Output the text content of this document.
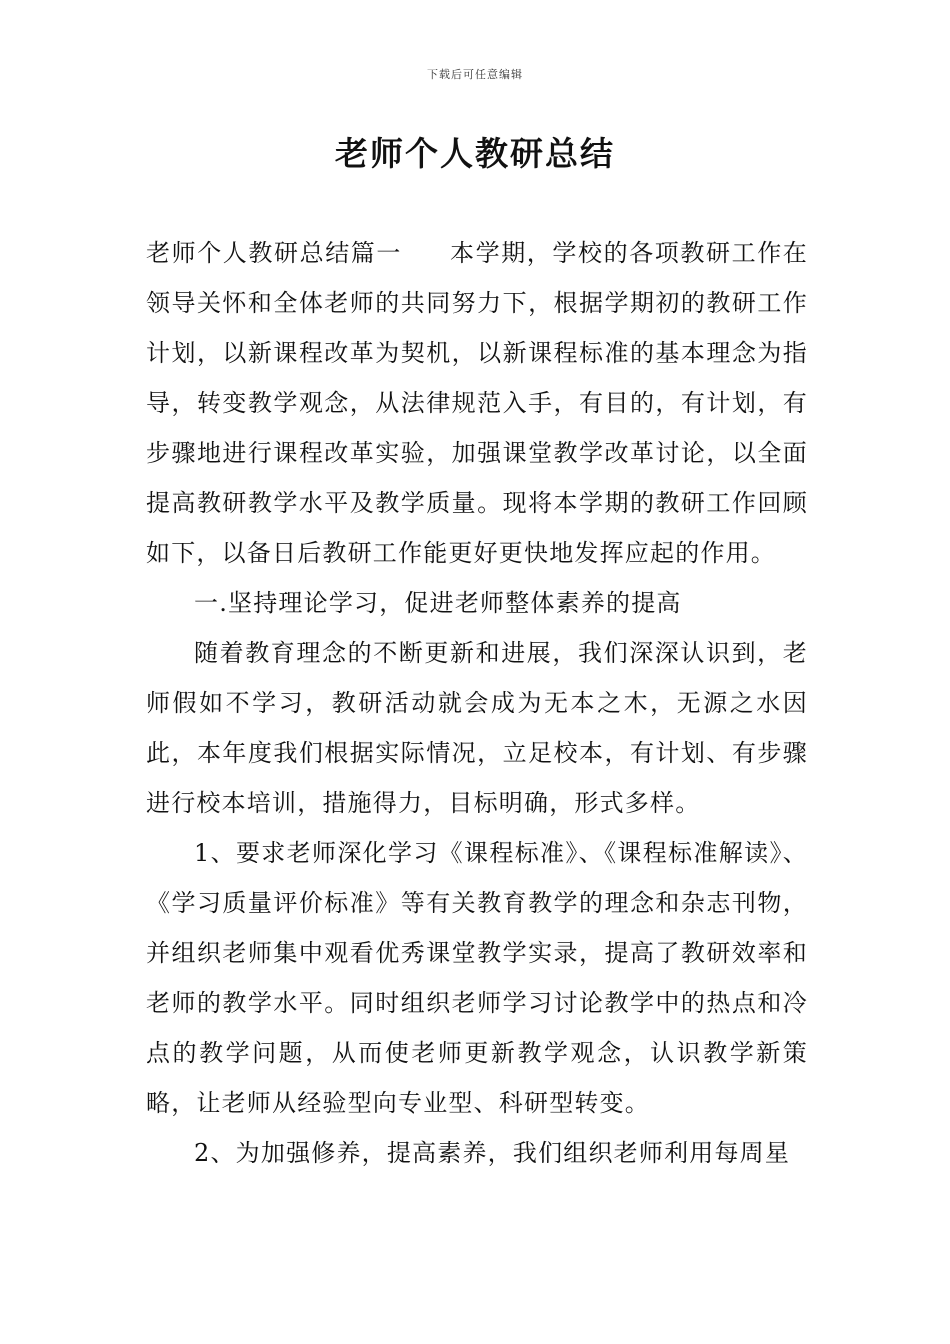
下载后可任意编辑
老师个人教研总结

老师个人教研总结篇一 本学期，学校的各项教研工作在领导关怀和全体老师的共同努力下，根据学期初的教研工作计划，以新课程改革为契机，以新课程标准的基本理念为指导，转变教学观念，从法律规范入手，有目的，有计划，有步骤地进行课程改革实验，加强课堂教学改革讨论，以全面提高教研教学水平及教学质量。现将本学期的教研工作回顾如下，以备日后教研工作能更好更快地发挥应起的作用。

一.坚持理论学习，促进老师整体素养的提高

随着教育理念的不断更新和进展，我们深深认识到，老师假如不学习，教研活动就会成为无本之木，无源之水因此，本年度我们根据实际情况，立足校本，有计划、有步骤进行校本培训，措施得力，目标明确，形式多样。

1、要求老师深化学习《课程标准》、《课程标准解读》、《学习质量评价标准》等有关教育教学的理念和杂志刊物，并组织老师集中观看优秀课堂教学实录，提高了教研效率和老师的教学水平。同时组织老师学习讨论教学中的热点和冷点的教学问题，从而使老师更新教学观念，认识教学新策略，让老师从经验型向专业型、科研型转变。

2、为加强修养，提高素养，我们组织老师利用每周星
